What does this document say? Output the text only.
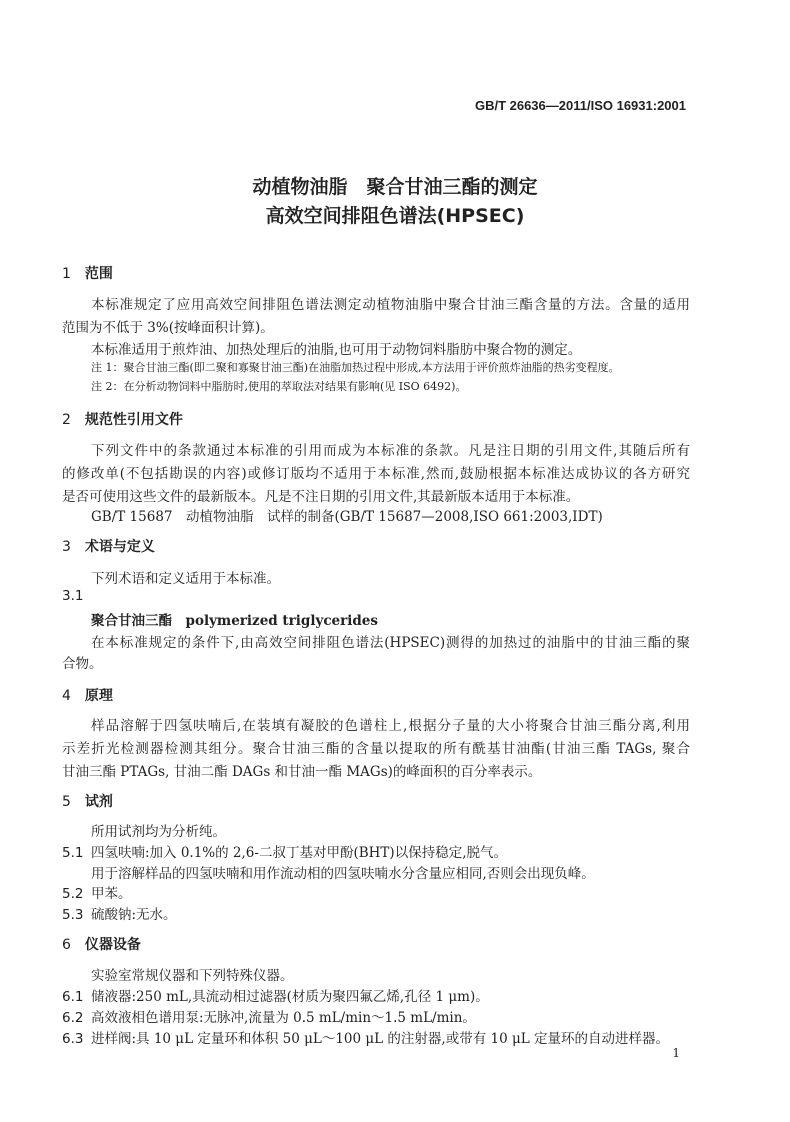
GB/T 26636—2011/ISO 16931:2001
动植物油脂　聚合甘油三酯的测定
高效空间排阻色谱法(HPSEC)
1 范围
本标准规定了应用高效空间排阻色谱法测定动植物油脂中聚合甘油三酯含量的方法。含量的适用
范围为不低于 3%(按峰面积计算)。
本标准适用于煎炸油、加热处理后的油脂,也可用于动物饲料脂肪中聚合物的测定。
注 1：聚合甘油三酯(即二聚和寡聚甘油三酯)在油脂加热过程中形成,本方法用于评价煎炸油脂的热劣变程度。
注 2：在分析动物饲料中脂肪时,使用的萃取法对结果有影响(见 ISO 6492)。
2 规范性引用文件
下列文件中的条款通过本标准的引用而成为本标准的条款。凡是注日期的引用文件,其随后所有
的修改单(不包括勘误的内容)或修订版均不适用于本标准,然而,鼓励根据本标准达成协议的各方研究
是否可使用这些文件的最新版本。凡是不注日期的引用文件,其最新版本适用于本标准。
GB/T 15687　动植物油脂　试样的制备(GB/T 15687—2008,ISO 661:2003,IDT)
3 术语与定义
下列术语和定义适用于本标准。
3.1
聚合甘油三酯　polymerized triglycerides
在本标准规定的条件下,由高效空间排阻色谱法(HPSEC)测得的加热过的油脂中的甘油三酯的聚
合物。
4 原理
样品溶解于四氢呋喃后,在装填有凝胶的色谱柱上,根据分子量的大小将聚合甘油三酯分离,利用
示差折光检测器检测其组分。聚合甘油三酯的含量以提取的所有酰基甘油酯(甘油三酯 TAGs, 聚合
甘油三酯 PTAGs, 甘油二酯 DAGs 和甘油一酯 MAGs)的峰面积的百分率表示。
5 试剂
所用试剂均为分析纯。
5.1 四氢呋喃:加入 0.1%的 2,6-二叔丁基对甲酚(BHT)以保持稳定,脱气。
用于溶解样品的四氢呋喃和用作流动相的四氢呋喃水分含量应相同,否则会出现负峰。
5.2 甲苯。
5.3 硫酸钠:无水。
6 仪器设备
实验室常规仪器和下列特殊仪器。
6.1 储液器:250 mL,具流动相过滤器(材质为聚四氟乙烯,孔径 1 μm)。
6.2 高效液相色谱用泵:无脉冲,流量为 0.5 mL/min～1.5 mL/min。
6.3 进样阀:具 10 μL 定量环和体积 50 μL～100 μL 的注射器,或带有 10 μL 定量环的自动进样器。
1
